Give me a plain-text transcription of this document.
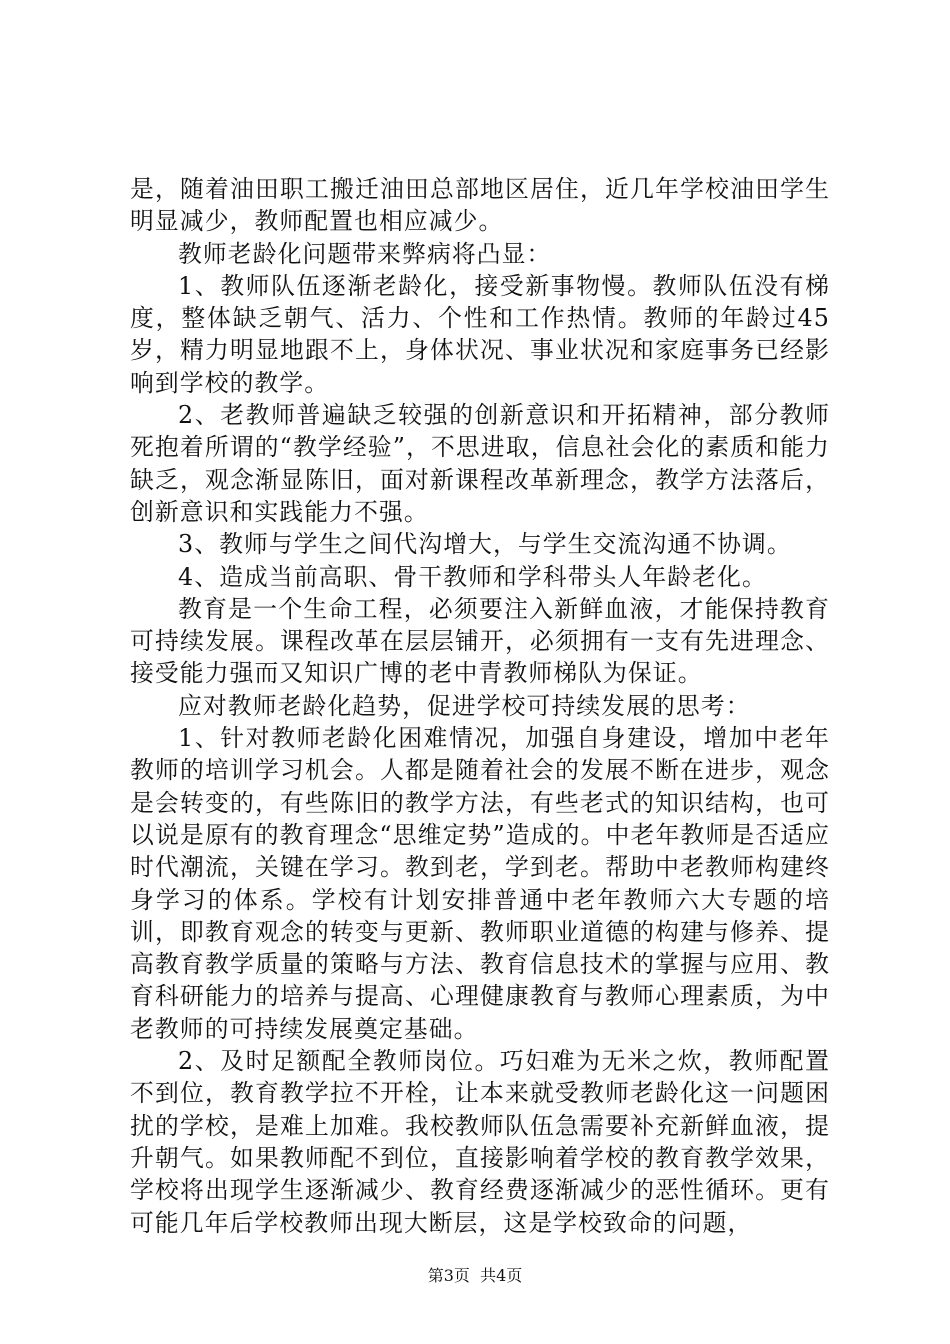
是，随着油田职工搬迁油田总部地区居住，近几年学校油田学生明显减少，教师配置也相应减少。

教师老龄化问题带来弊病将凸显：

1、教师队伍逐渐老龄化，接受新事物慢。教师队伍没有梯度，整体缺乏朝气、活力、个性和工作热情。教师的年龄过45岁，精力明显地跟不上，身体状况、事业状况和家庭事务已经影响到学校的教学。

2、老教师普遍缺乏较强的创新意识和开拓精神，部分教师死抱着所谓的“教学经验”，不思进取，信息社会化的素质和能力缺乏，观念渐显陈旧，面对新课程改革新理念，教学方法落后，创新意识和实践能力不强。

3、教师与学生之间代沟增大，与学生交流沟通不协调。

4、造成当前高职、骨干教师和学科带头人年龄老化。

教育是一个生命工程，必须要注入新鲜血液，才能保持教育可持续发展。课程改革在层层铺开，必须拥有一支有先进理念、接受能力强而又知识广博的老中青教师梯队为保证。

应对教师老龄化趋势，促进学校可持续发展的思考：

1、针对教师老龄化困难情况，加强自身建设，增加中老年教师的培训学习机会。人都是随着社会的发展不断在进步，观念是会转变的，有些陈旧的教学方法，有些老式的知识结构，也可以说是原有的教育理念“思维定势”造成的。中老年教师是否适应时代潮流，关键在学习。教到老，学到老。帮助中老教师构建终身学习的体系。学校有计划安排普通中老年教师六大专题的培训，即教育观念的转变与更新、教师职业道德的构建与修养、提高教育教学质量的策略与方法、教育信息技术的掌握与应用、教育科研能力的培养与提高、心理健康教育与教师心理素质，为中老教师的可持续发展奠定基础。

2、及时足额配全教师岗位。巧妇难为无米之炊，教师配置不到位，教育教学拉不开栓，让本来就受教师老龄化这一问题困扰的学校，是难上加难。我校教师队伍急需要补充新鲜血液，提升朝气。如果教师配不到位，直接影响着学校的教育教学效果，学校将出现学生逐渐减少、教育经费逐渐减少的恶性循环。更有可能几年后学校教师出现大断层，这是学校致命的问题，

第3页  共4页
